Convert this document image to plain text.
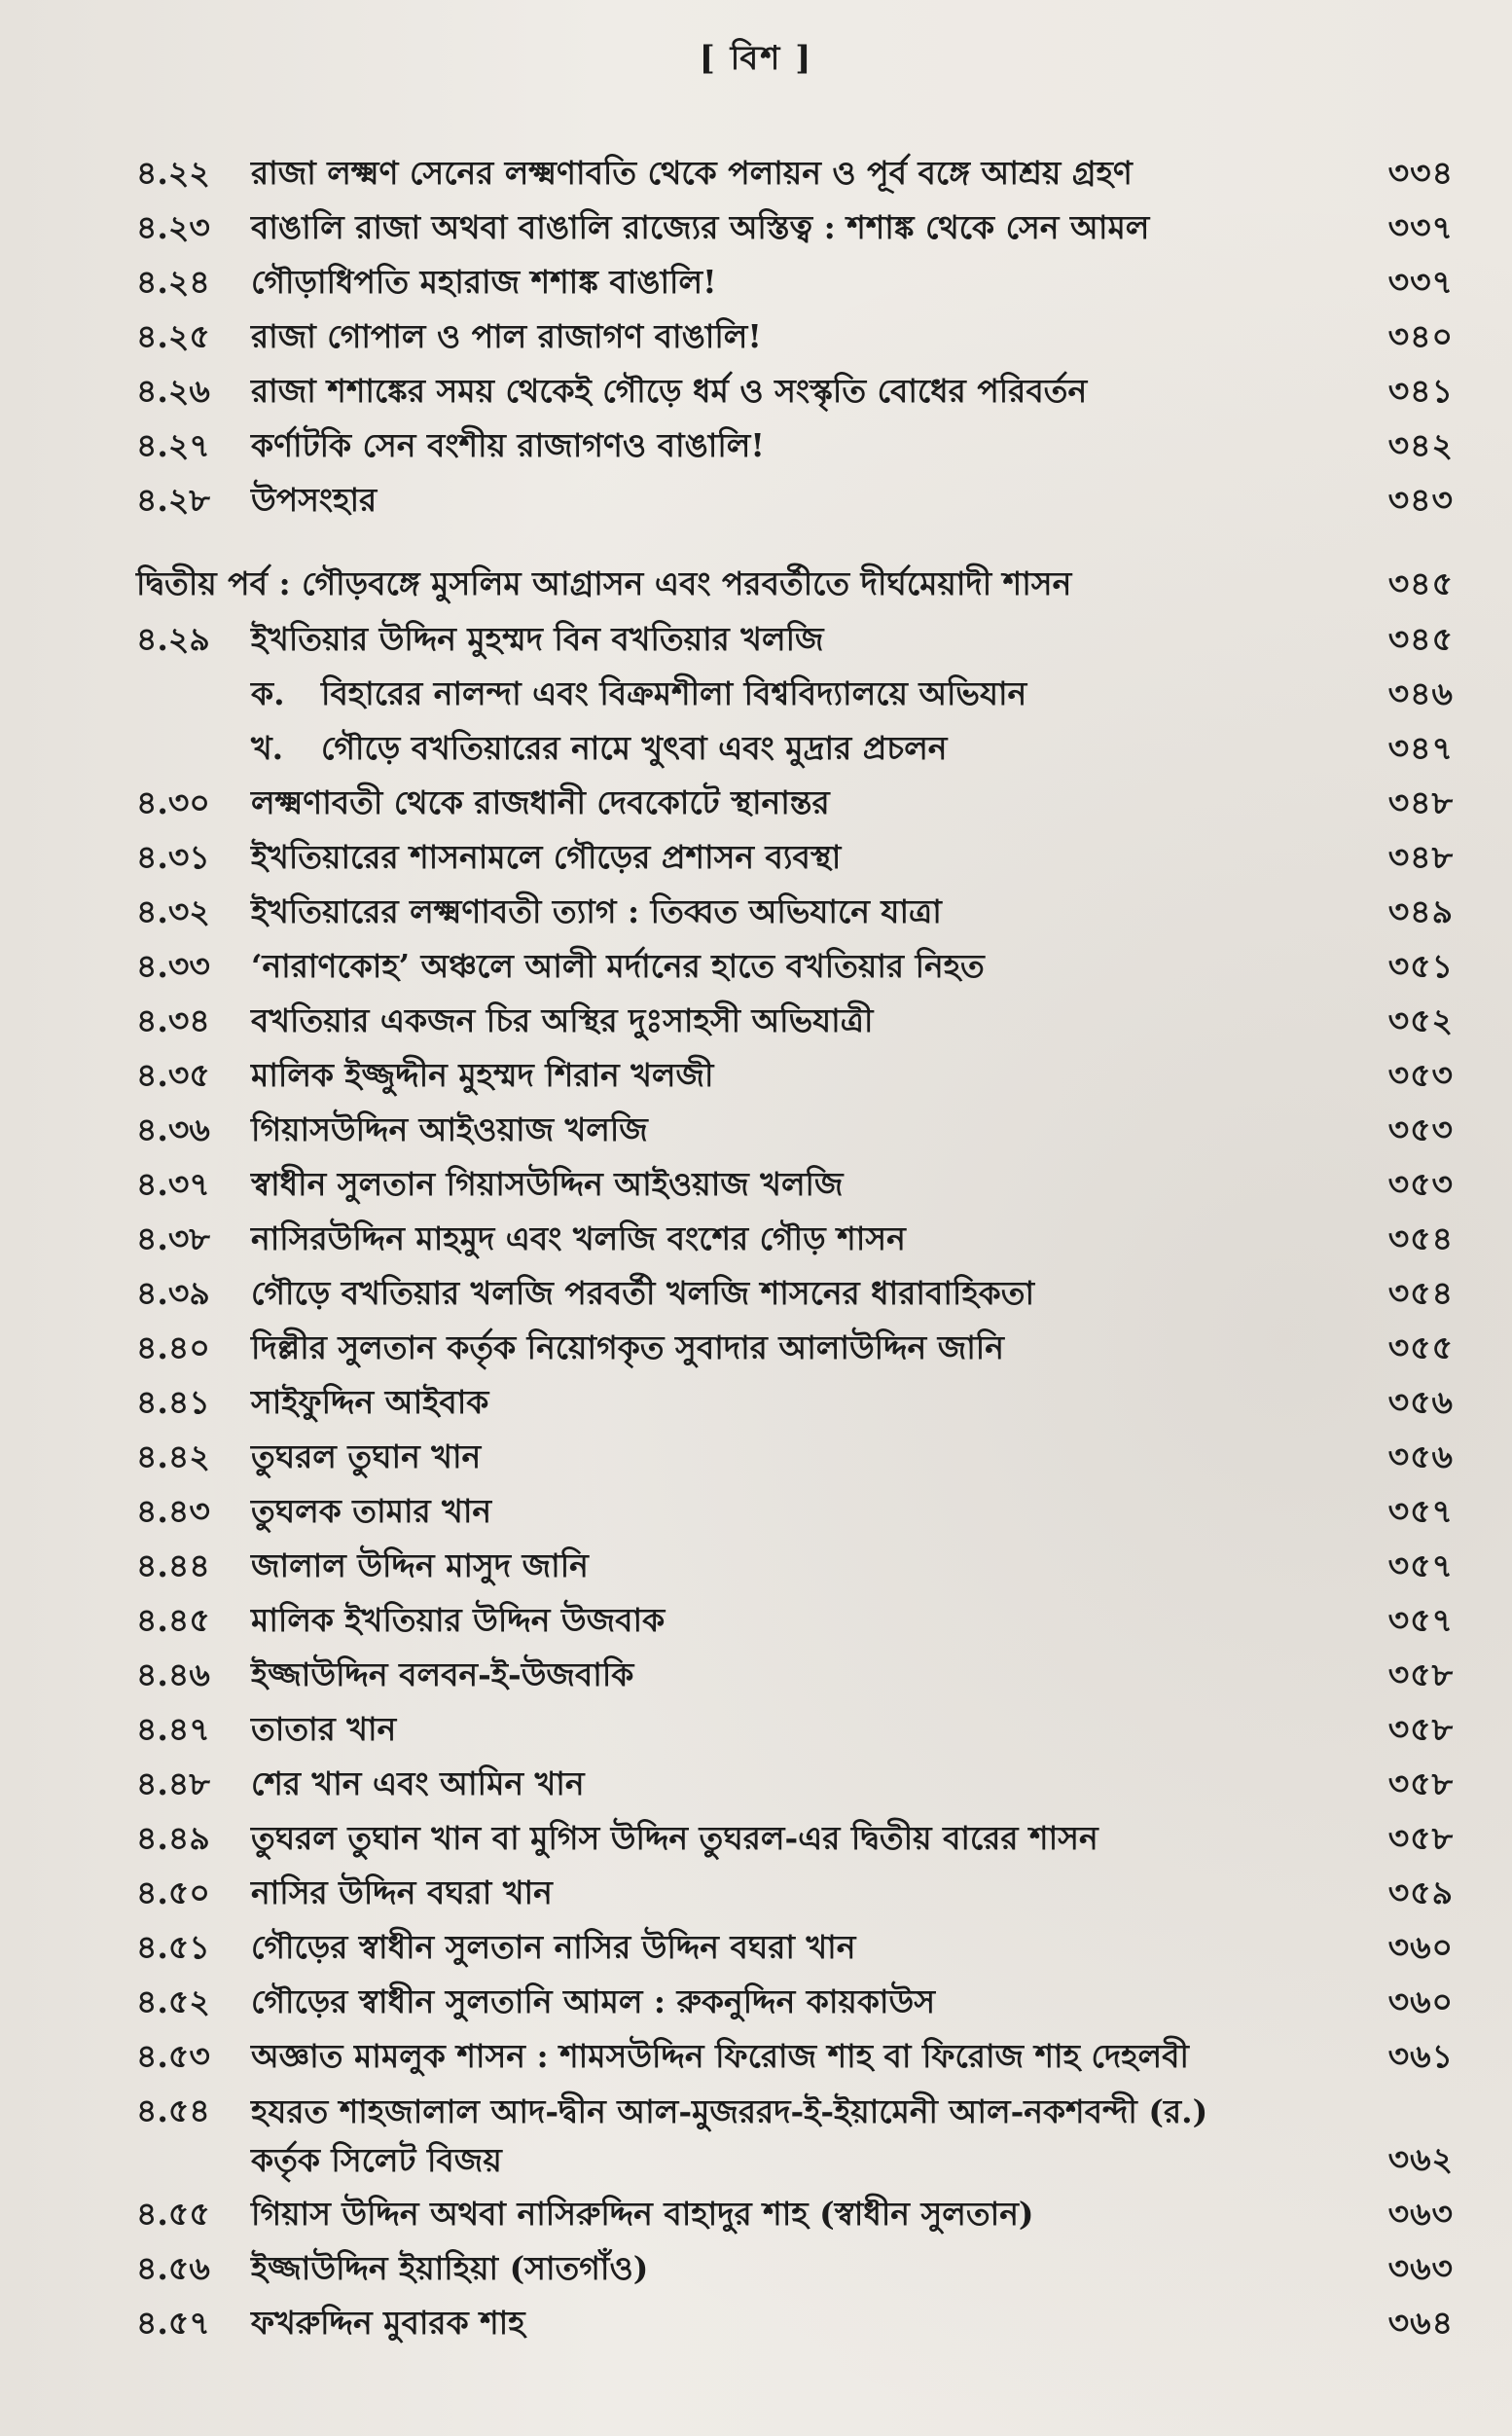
[ বিশ ]
৪.২২ রাজা লক্ষ্মণ সেনের লক্ষ্মণাবতি থেকে পলায়ন ও পূর্ব বঙ্গে আশ্রয় গ্রহণ	৩৩৪
৪.২৩ বাঙালি রাজা অথবা বাঙালি রাজ্যের অস্তিত্ব : শশাঙ্ক থেকে সেন আমল	৩৩৭
৪.২৪ গৌড়াধিপতি মহারাজ শশাঙ্ক বাঙালি!	৩৩৭
৪.২৫ রাজা গোপাল ও পাল রাজাগণ বাঙালি!	৩৪০
৪.২৬ রাজা শশাঙ্কের সময় থেকেই গৌড়ে ধর্ম ও সংস্কৃতি বোধের পরিবর্তন	৩৪১
৪.২৭ কর্ণাটকি সেন বংশীয় রাজাগণও বাঙালি!	৩৪২
৪.২৮ উপসংহার	৩৪৩
দ্বিতীয় পর্ব : গৌড়বঙ্গে মুসলিম আগ্রাসন এবং পরবর্তীতে দীর্ঘমেয়াদী শাসন	৩৪৫
৪.২৯ ইখতিয়ার উদ্দিন মুহম্মদ বিন বখতিয়ার খলজি	৩৪৫
ক. বিহারের নালন্দা এবং বিক্রমশীলা বিশ্ববিদ্যালয়ে অভিযান	৩৪৬
খ. গৌড়ে বখতিয়ারের নামে খুৎবা এবং মুদ্রার প্রচলন	৩৪৭
৪.৩০ লক্ষ্মণাবতী থেকে রাজধানী দেবকোটে স্থানান্তর	৩৪৮
৪.৩১ ইখতিয়ারের শাসনামলে গৌড়ের প্রশাসন ব্যবস্থা	৩৪৮
৪.৩২ ইখতিয়ারের লক্ষ্মণাবতী ত্যাগ : তিব্বত অভিযানে যাত্রা	৩৪৯
৪.৩৩ ‘নারাণকোহ’ অঞ্চলে আলী মর্দানের হাতে বখতিয়ার নিহত	৩৫১
৪.৩৪ বখতিয়ার একজন চির অস্থির দুঃসাহসী অভিযাত্রী	৩৫২
৪.৩৫ মালিক ইজ্জুদ্দীন মুহম্মদ শিরান খলজী	৩৫৩
৪.৩৬ গিয়াসউদ্দিন আইওয়াজ খলজি	৩৫৩
৪.৩৭ স্বাধীন সুলতান গিয়াসউদ্দিন আইওয়াজ খলজি	৩৫৩
৪.৩৮ নাসিরউদ্দিন মাহমুদ এবং খলজি বংশের গৌড় শাসন	৩৫৪
৪.৩৯ গৌড়ে বখতিয়ার খলজি পরবর্তী খলজি শাসনের ধারাবাহিকতা	৩৫৪
৪.৪০ দিল্লীর সুলতান কর্তৃক নিয়োগকৃত সুবাদার আলাউদ্দিন জানি	৩৫৫
৪.৪১ সাইফুদ্দিন আইবাক	৩৫৬
৪.৪২ তুঘরল তুঘান খান	৩৫৬
৪.৪৩ তুঘলক তামার খান	৩৫৭
৪.৪৪ জালাল উদ্দিন মাসুদ জানি	৩৫৭
৪.৪৫ মালিক ইখতিয়ার উদ্দিন উজবাক	৩৫৭
৪.৪৬ ইজ্জাউদ্দিন বলবন-ই-উজবাকি	৩৫৮
৪.৪৭ তাতার খান	৩৫৮
৪.৪৮ শের খান এবং আমিন খান	৩৫৮
৪.৪৯ তুঘরল তুঘান খান বা মুগিস উদ্দিন তুঘরল-এর দ্বিতীয় বারের শাসন	৩৫৮
৪.৫০ নাসির উদ্দিন বঘরা খান	৩৫৯
৪.৫১ গৌড়ের স্বাধীন সুলতান নাসির উদ্দিন বঘরা খান	৩৬০
৪.৫২ গৌড়ের স্বাধীন সুলতানি আমল : রুকনুদ্দিন কায়কাউস	৩৬০
৪.৫৩ অজ্ঞাত মামলুক শাসন : শামসউদ্দিন ফিরোজ শাহ বা ফিরোজ শাহ দেহলবী	৩৬১
৪.৫৪ হযরত শাহজালাল আদ-দ্বীন আল-মুজররদ-ই-ইয়ামেনী আল-নকশবন্দী (র.)
কর্তৃক সিলেট বিজয়	৩৬২
৪.৫৫ গিয়াস উদ্দিন অথবা নাসিরুদ্দিন বাহাদুর শাহ (স্বাধীন সুলতান)	৩৬৩
৪.৫৬ ইজ্জাউদ্দিন ইয়াহিয়া (সাতগাঁও)	৩৬৩
৪.৫৭ ফখরুদ্দিন মুবারক শাহ	৩৬৪
